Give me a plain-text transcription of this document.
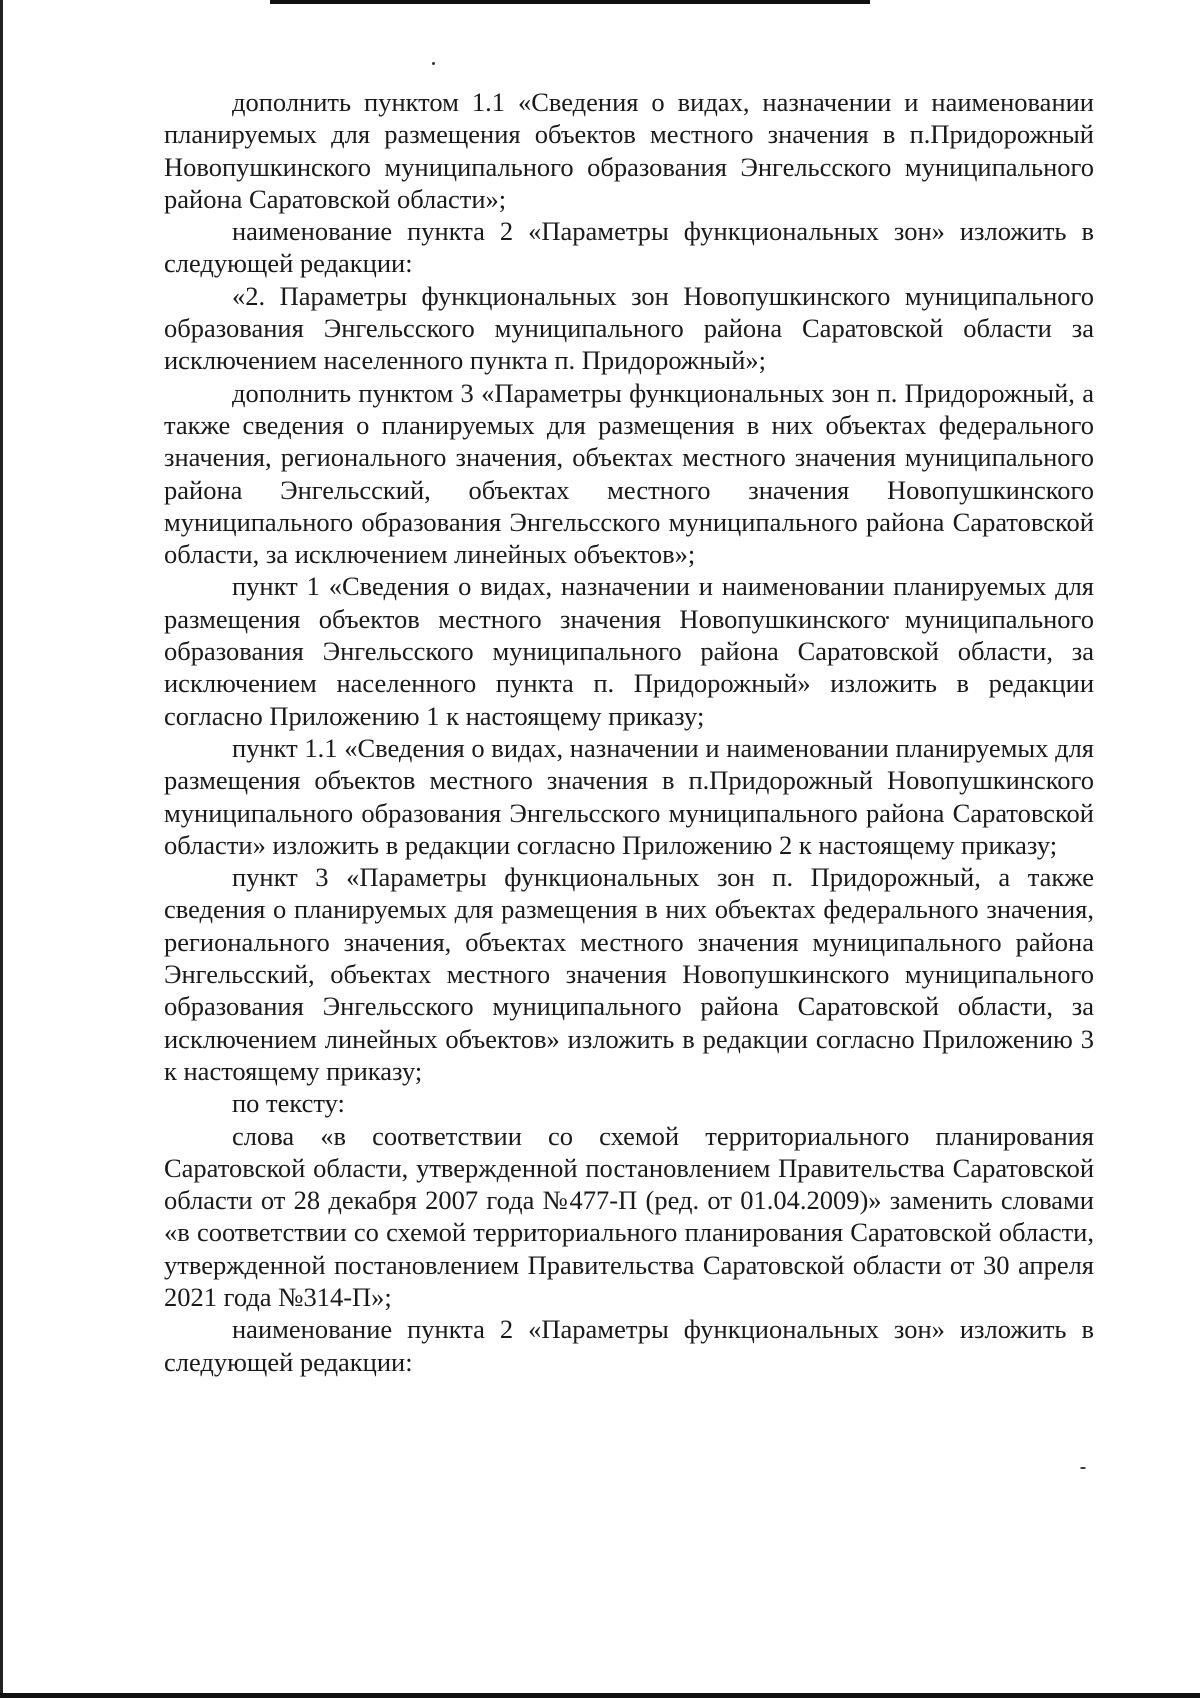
дополнить пунктом 1.1 «Сведения о видах, назначении и наименовании планируемых для размещения объектов местного значения в п.Придорожный Новопушкинского муниципального образования Энгельсского муниципального района Саратовской области»;

наименование пункта 2 «Параметры функциональных зон» изложить в следующей редакции:

«2. Параметры функциональных зон Новопушкинского муниципального образования Энгельсского муниципального района Саратовской области за исключением населенного пункта п. Придорожный»;

дополнить пунктом 3 «Параметры функциональных зон п. Придорожный, а также сведения о планируемых для размещения в них объектах федерального значения, регионального значения, объектах местного значения муниципального района Энгельсский, объектах местного значения Новопушкинского муниципального образования Энгельсского муниципального района Саратовской области, за исключением линейных объектов»;

пункт 1 «Сведения о видах, назначении и наименовании планируемых для размещения объектов местного значения Новопушкинского муниципального образования Энгельсского муниципального района Саратовской области, за исключением населенного пункта п. Придорожный» изложить в редакции согласно Приложению 1 к настоящему приказу;

пункт 1.1 «Сведения о видах, назначении и наименовании планируемых для размещения объектов местного значения в п.Придорожный Новопушкинского муниципального образования Энгельсского муниципального района Саратовской области» изложить в редакции согласно Приложению 2 к настоящему приказу;

пункт 3 «Параметры функциональных зон п. Придорожный, а также сведения о планируемых для размещения в них объектах федерального значения, регионального значения, объектах местного значения муниципального района Энгельсский, объектах местного значения Новопушкинского муниципального образования Энгельсского муниципального района Саратовской области, за исключением линейных объектов» изложить в редакции согласно Приложению 3 к настоящему приказу;

по тексту:

слова «в соответствии со схемой территориального планирования Саратовской области, утвержденной постановлением Правительства Саратовской области от 28 декабря 2007 года №477-П (ред. от 01.04.2009)» заменить словами «в соответствии со схемой территориального планирования Саратовской области, утвержденной постановлением Правительства Саратовской области от 30 апреля 2021 года №314-П»;

наименование пункта 2 «Параметры функциональных зон» изложить в следующей редакции:
